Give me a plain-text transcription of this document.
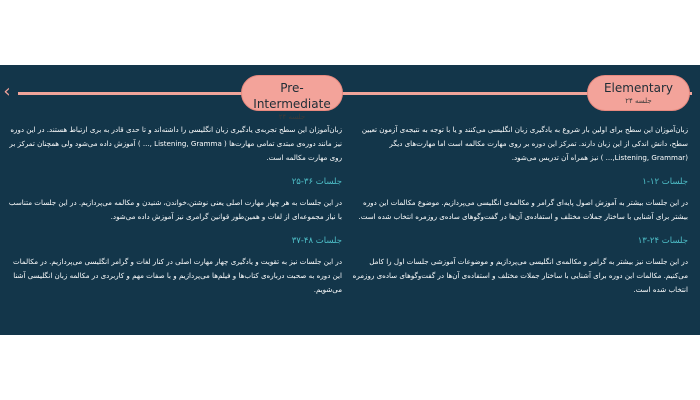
‹	Pre-Intermediate
۲۴ جلسه
Elementary
۲۴ جلسه

زبان‌آموزان این سطح تجربه‌ی یادگیری زبان انگلیسی را داشته‌اند و تا حدی قادر به بری ارتباط هستند. در این دوره نیز مانند دوره‌ی مبتدی تمامی مهارت‌ها ( Listening, Gramma ,... ) آموزش داده می‌شود ولی همچنان تمرکز بر روی مهارت مکالمه است.

جلسات ۳۶-۲۵

در این جلسات به هر چهار مهارت اصلی یعنی نوشتن،خواندن، شنیدن و مکالمه می‌پردازیم. در این جلسات متناسب با نیاز مجموعه‌ای از لغات و همین‌طور قوانین گرامری نیز آموزش داده می‌شود.

جلسات ۴۸-۳۷

در این جلسات نیز به تقویت و یادگیری چهار مهارت اصلی در کنار لغات و گرامر انگلیسی می‌پردازیم. در مکالمات این دوره به صحبت درباره‌ی کتاب‌ها و فیلم‌ها می‌پردازیم و با صفات مهم و کاربردی در مکالمه زبان انگلیسی آشنا می‌شویم.

زبان‌آموزان این سطح برای اولین بار شروع به یادگیری زبان انگلیسی می‌کنند و یا با توجه به نتیجه‌ی آزمون تعیین سطح، دانش اندکی از این زبان دارند. تمرکز این دوره بر روی مهارت مکالمه است اما مهارت‌های دیگر (Listening, Grammar,... ) نیز همراه آن تدریس می‌شود.

جلسات ۱۲-۱

در این جلسات بیشتر به آموزش اصول پایه‌ای گرامر و مکالمه‌ی انگلیسی می‌پردازیم. موضوع مکالمات این دوره بیشتر برای آشنایی با ساختار جملات مختلف و استفاده‌ی آن‌ها در گفت‌وگوهای ساده‌ی روزمره انتخاب شده است.

جلسات ۲۴-۱۳

در این جلسات نیز بیشتر به گرامر و مکالمه‌ی انگلیسی می‌پردازیم و موضوعات آموزشی جلسات اول را کامل می‌کنیم. مکالمات این دوره برای آشنایی با ساختار جملات مختلف و استفاده‌ی آن‌ها در گفت‌وگوهای ساده‌ی روزمره انتخاب شده است.
